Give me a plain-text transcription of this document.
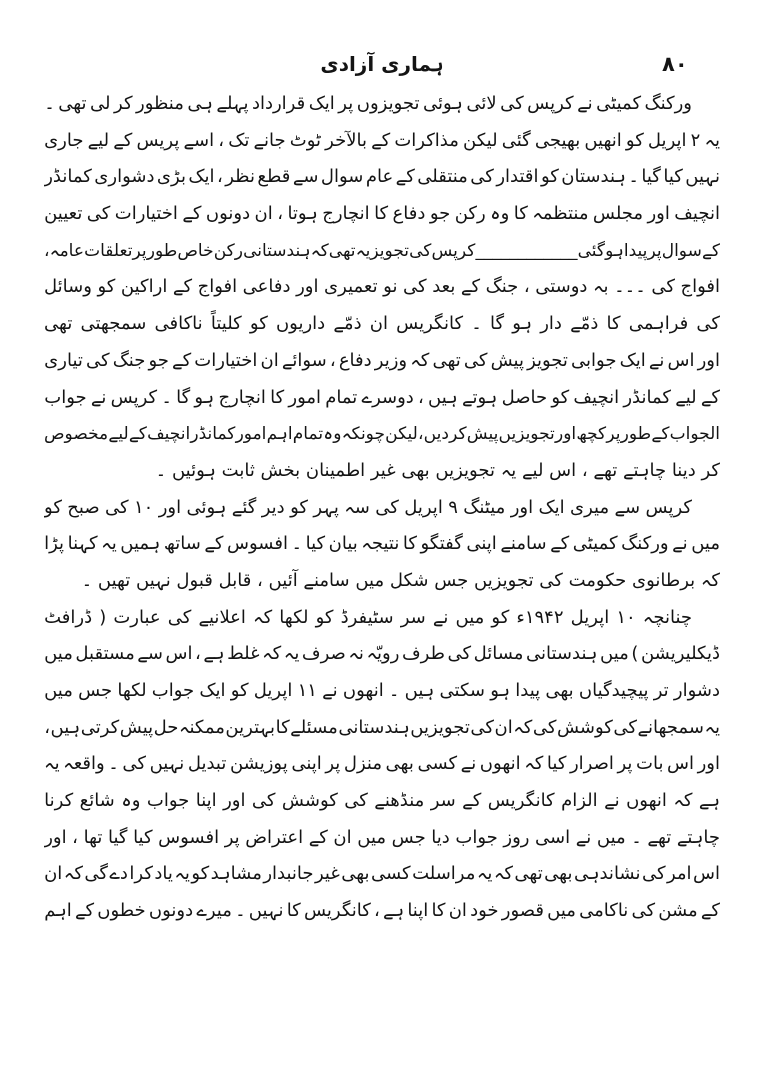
۸۰
ہماری آزادی
ورکنگ
کمیٹی
نے
کرپس
کی
لائی
ہوئی
تجویزوں
پر
ایک
قرارداد
پہلے
ہی
منظور
کر
لی
تھی
۔
یہ
۲
اپریل
کو
انھیں
بھیجی
گئی
لیکن
مذاکرات
کے
بالآخر
ٹوٹ
جانے
تک
،
اسے
پریس
کے
لیے
جاری
نہیں
کیا
گیا
۔
ہندستان
کو
اقتدار
کی
منتقلی
کے
عام
سوال
سے
قطع
نظر
،
ایک
بڑی
دشواری
کمانڈر
انچیف
اور
مجلس
منتظمہ
کا
وہ
رکن
جو
دفاع
کا
انچارج
ہوتا
،
ان
دونوں
کے
اختیارات
کی
تعیین
کے
سوال
پر
پیدا
ہو
گئی
____________
کرپس
کی
تجویز
یہ
تھی
کہ
ہندستانی
رکن
خاص
طور
پر
تعلقات
عامہ
،
افواج
کی
۔۔۔
بہ
دوستی
،
جنگ
کے
بعد
کی
نو
تعمیری
اور
دفاعی
افواج
کے
اراکین
کو
وسائل
کی
فراہمی
کا
ذمّے
دار
ہو
گا
۔
کانگریس
ان
ذمّے
داریوں
کو
کلیتاً
ناکافی
سمجھتی
تھی
اور
اس
نے
ایک
جوابی
تجویز
پیش
کی
تھی
کہ
وزیر
دفاع
،
سوائے
ان
اختیارات
کے
جو
جنگ
کی
تیاری
کے
لیے
کمانڈر
انچیف
کو
حاصل
ہوتے
ہیں
،
دوسرے
تمام
امور
کا
انچارج
ہو
گا
۔
کرپس
نے
جواب
الجواب
کے
طور
پر
کچھ
اور
تجویزیں
پیش
کر
دیں
،
لیکن
چونکہ
وہ
تمام
اہم
امور
کمانڈر
انچیف
کے
لیے
مخصوص
کر دینا چاہتے تھے ، اس لیے یہ تجویزیں بھی غیر اطمینان بخش ثابت ہوئیں ۔
کرپس
سے
میری
ایک
اور
میٹنگ
۹
اپریل
کی
سہ
پہر
کو
دیر
گئے
ہوئی
اور
۱۰
کی
صبح
کو
میں
نے
ورکنگ
کمیٹی
کے
سامنے
اپنی
گفتگو
کا
نتیجہ
بیان
کیا
۔
افسوس
کے
ساتھ
ہمیں
یہ
کہنا
پڑا
کہ برطانوی حکومت کی تجویزیں جس شکل میں سامنے آئیں ، قابل قبول نہیں تھیں ۔
چنانچہ
۱۰
اپریل
۱۹۴۲ء
کو
میں
نے
سر
سٹیفرڈ
کو
لکھا
کہ
اعلانیے
کی
عبارت
(
ڈرافٹ
ڈیکلیریشن
)
میں
ہندستانی
مسائل
کی
طرف
رویّہ
نہ
صرف
یہ
کہ
غلط
ہے
،
اس
سے
مستقبل
میں
دشوار
تر
پیچیدگیاں
بھی
پیدا
ہو
سکتی
ہیں
۔
انھوں
نے
۱۱
اپریل
کو
ایک
جواب
لکھا
جس
میں
یہ
سمجھانے
کی
کوشش
کی
کہ
ان
کی
تجویزیں
ہندستانی
مسئلے
کا
بہترین
ممکنہ
حل
پیش
کرتی
ہیں
،
اور
اس
بات
پر
اصرار
کیا
کہ
انھوں
نے
کسی
بھی
منزل
پر
اپنی
پوزیشن
تبدیل
نہیں
کی
۔
واقعہ
یہ
ہے
کہ
انھوں
نے
الزام
کانگریس
کے
سر
منڈھنے
کی
کوشش
کی
اور
اپنا
جواب
وہ
شائع
کرنا
چاہتے
تھے
۔
میں
نے
اسی
روز
جواب
دیا
جس
میں
ان
کے
اعتراض
پر
افسوس
کیا
گیا
تھا
،
اور
اس
امر
کی
نشاندہی
بھی
تھی
کہ
یہ
مراسلت
کسی
بھی
غیر
جانبدار
مشاہد
کو
یہ
یاد
کرا
دے
گی
کہ
ان
کے
مشن
کی
ناکامی
میں
قصور
خود
ان
کا
اپنا
ہے
،
کانگریس
کا
نہیں
۔
میرے
دونوں
خطوں
کے
اہم
